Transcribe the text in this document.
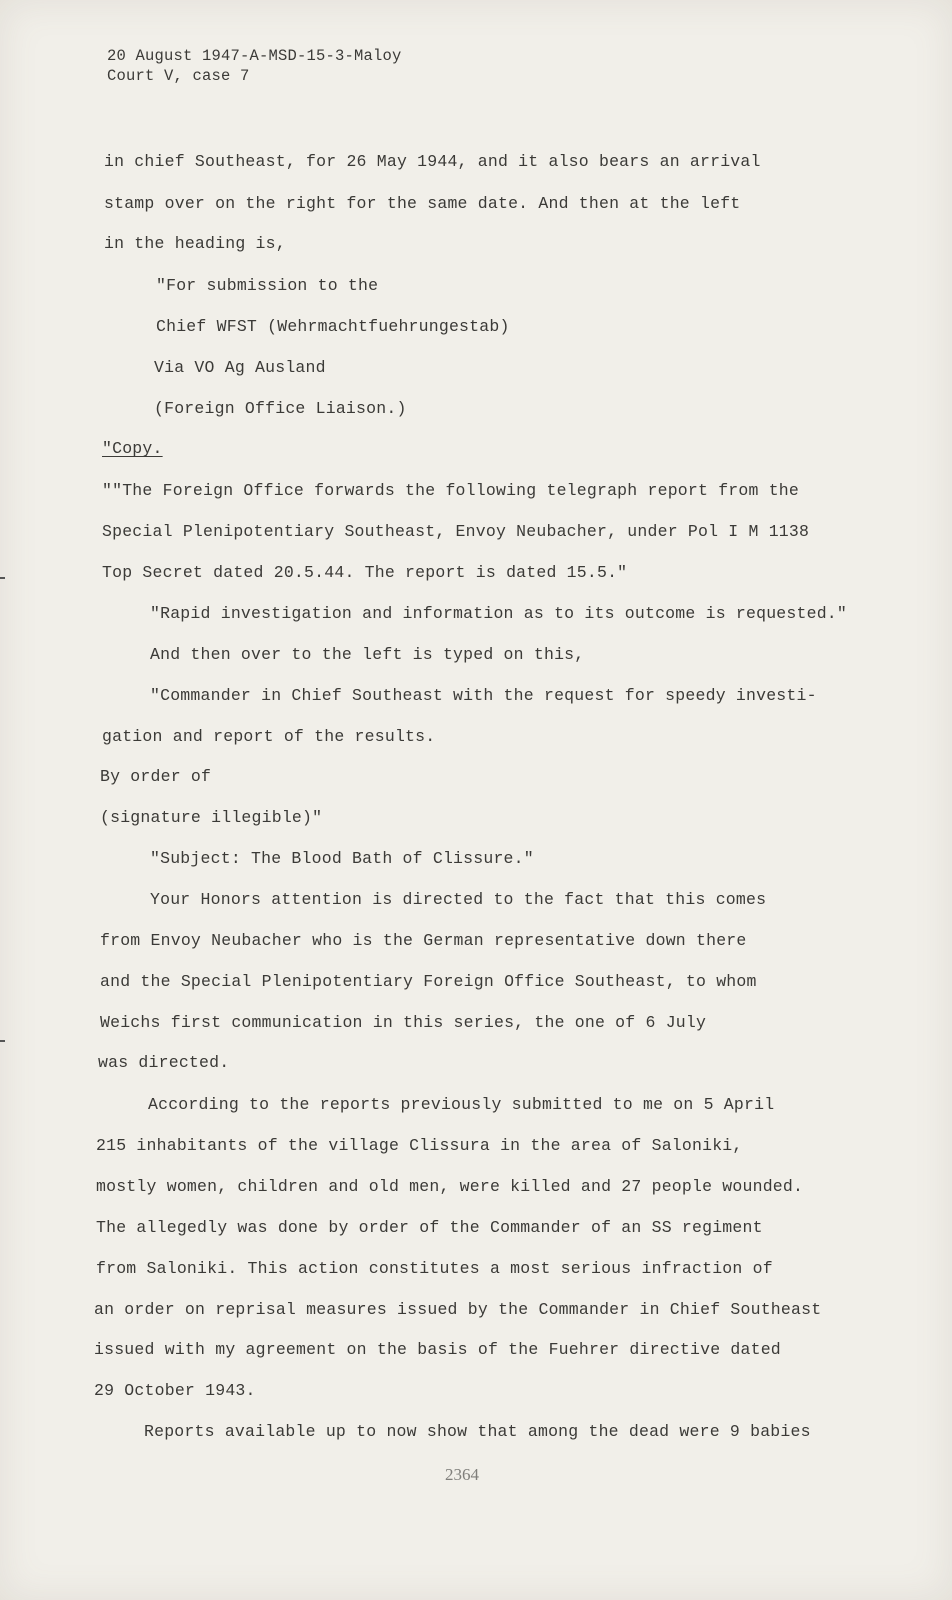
20 August 1947-A-MSD-15-3-Maloy
Court V, case 7
in chief Southeast, for 26 May 1944, and it also bears an arrival
stamp over on the right for the same date. And then at the left
in the heading is,
"For submission to the
Chief WFST (Wehrmachtfuehrungestab)
Via VO Ag Ausland
(Foreign Office Liaison.)
"Copy.
""The Foreign Office forwards the following telegraph report from the
Special Plenipotentiary Southeast, Envoy Neubacher, under Pol I M 1138
Top Secret dated 20.5.44. The report is dated 15.5."
"Rapid investigation and information as to its outcome is requested."
And then over to the left is typed on this,
"Commander in Chief Southeast with the request for speedy investi-
gation and report of the results.
By order of
(signature illegible)"
"Subject: The Blood Bath of Clissure."
Your Honors attention is directed to the fact that this comes
from Envoy Neubacher who is the German representative down there
and the Special Plenipotentiary Foreign Office Southeast, to whom
Weichs first communication in this series, the one of 6 July
was directed.
According to the reports previously submitted to me on 5 April
215 inhabitants of the village Clissura in the area of Saloniki,
mostly women, children and old men, were killed and 27 people wounded.
The allegedly was done by order of the Commander of an SS regiment
from Saloniki. This action constitutes a most serious infraction of
an order on reprisal measures issued by the Commander in Chief Southeast
issued with my agreement on the basis of the Fuehrer directive dated
29 October 1943.
Reports available up to now show that among the dead were 9 babies
2364
